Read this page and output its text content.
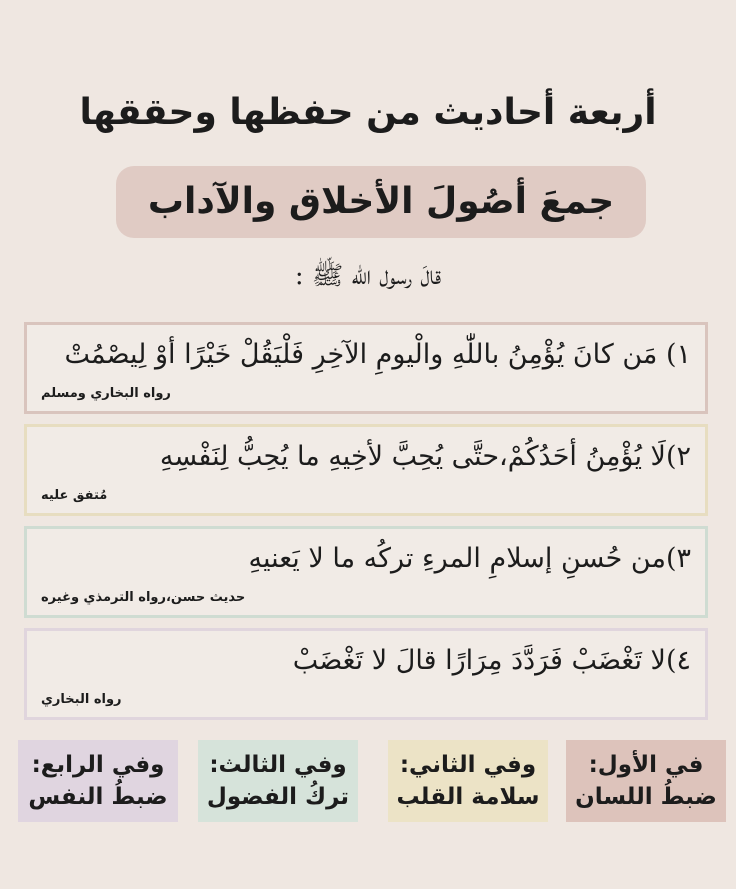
أربعة أحاديث من حفظها وحققها
جمعَ أصُولَ الأخلاق والآداب
قالَ رسول اللّٰه ﷺ :
١) مَن كانَ يُؤْمِنُ باللّٰهِ والْيومِ الآخِرِ فَلْيَقُلْ خَيْرًا أوْ لِيصْمُتْ
رواه البخاري ومسلم
٢)لَا يُؤْمِنُ أحَدُكُمْ،حتَّى يُحِبَّ لأخِيهِ ما يُحِبُّ لِنَفْسِهِ
مُتفق عليه
٣)من حُسنِ إسلامِ المرءِ تركُه ما لا يَعنيهِ
حديث حسن،رواه الترمذي وغيره
٤)لا تَغْضَبْ فَرَدَّدَ مِرَارًا قالَ لا تَغْضَبْ
رواه البخاري
في الأول:
ضبطُ اللسان
وفي الثاني:
سلامة القلب
وفي الثالث:
تركُ الفضول
وفي الرابع:
ضبطُ النفس
